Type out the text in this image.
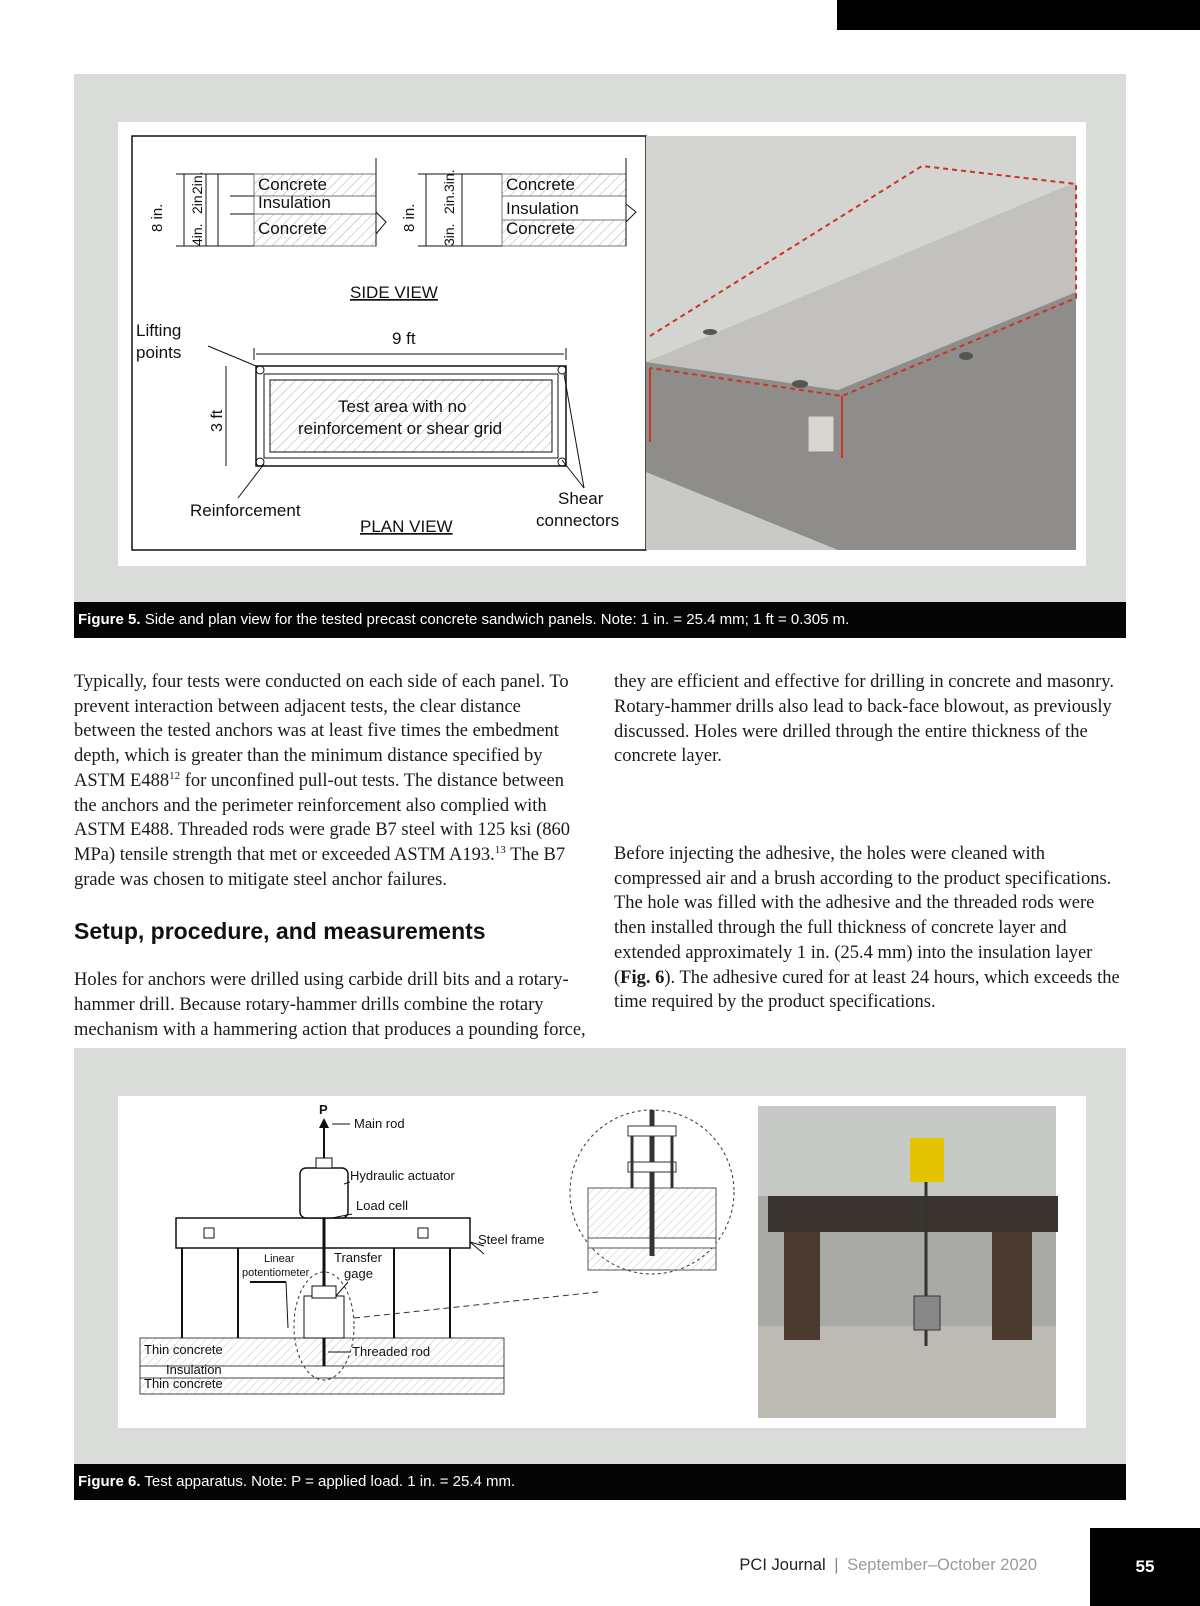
Concrete
Insulation
Concrete
8 in.
4in.
2in.
2in.	Concrete
Insulation
Concrete
8 in.
3in.
2in.
3in.
SIDE VIEW
Lifting
points
9 ft
3 ft
Test area with no
reinforcement or shear grid
Reinforcement
Shear
connectors
PLAN VIEW
Figure 5. Side and plan view for the tested precast concrete sandwich panels. Note: 1 in. = 25.4 mm; 1 ft = 0.305 m.

Typically, four tests were conducted on each side of each panel. To prevent interaction between adjacent tests, the clear distance between the tested anchors was at least five times the embedment depth, which is greater than the minimum distance specified by ASTM $E488^{12}$ for unconfined pull-out tests. The distance between the anchors and the perimeter reinforcement also complied with ASTM E488. Threaded rods were grade B7 steel with 125 ksi (860 MPa) tensile strength that met or exceeded ASTM A193.13 The B7 grade was chosen to mitigate steel anchor failures.

Setup, procedure, and measurements

Holes for anchors were drilled using carbide drill bits and a rotary-hammer drill. Because rotary-hammer drills combine the rotary mechanism with a hammering action that produces a pounding force,

they are efficient and effective for drilling in concrete and masonry. Rotary-hammer drills also lead to back-face blowout, as previously discussed. Holes were drilled through the entire thickness of the concrete layer.

Before injecting the adhesive, the holes were cleaned with compressed air and a brush according to the product specifications. The hole was filled with the adhesive and the threaded rods were then installed through the full thickness of concrete layer and extended approximately 1 in. (25.4 mm) into the insulation layer (Fig. 6). The adhesive cured for at least 24 hours, which exceeds the time required by the product specifications.

P
Main rod
Hydraulic actuator
Load cell
Steel frame
Linear
potentiometer
Transfer
gage
Thin concrete
Insulation
Thin concrete
Threaded rod
Figure 6. Test apparatus. Note: P = applied load. 1 in. = 25.4 mm.
PCI Journal | September–October 2020	55
